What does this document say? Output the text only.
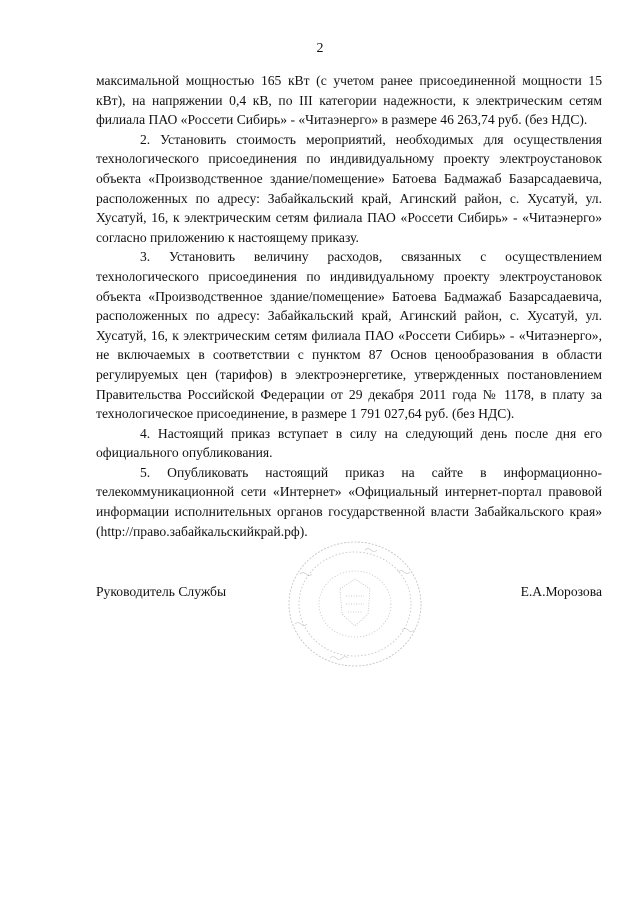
2

максимальной мощностью 165 кВт (с учетом ранее присоединенной мощности 15 кВт), на напряжении 0,4 кВ, по III категории надежности, к электрическим сетям филиала ПАО «Россети Сибирь» - «Читаэнерго» в размере 46 263,74 руб. (без НДС).

2. Установить стоимость мероприятий, необходимых для осуществления технологического присоединения по индивидуальному проекту электроустановок объекта «Производственное здание/помещение» Батоева Бадмажаб Базарсадаевича, расположенных по адресу: Забайкальский край, Агинский район, с. Хусатуй, ул. Хусатуй, 16, к электрическим сетям филиала ПАО «Россети Сибирь» - «Читаэнерго» согласно приложению к настоящему приказу.

3. Установить величину расходов, связанных с осуществлением технологического присоединения по индивидуальному проекту электроустановок объекта «Производственное здание/помещение» Батоева Бадмажаб Базарсадаевича, расположенных по адресу: Забайкальский край, Агинский район, с. Хусатуй, ул. Хусатуй, 16, к электрическим сетям филиала ПАО «Россети Сибирь» - «Читаэнерго», не включаемых в соответствии с пунктом 87 Основ ценообразования в области регулируемых цен (тарифов) в электроэнергетике, утвержденных постановлением Правительства Российской Федерации от 29 декабря 2011 года № 1178, в плату за технологическое присоединение, в размере 1 791 027,64 руб. (без НДС).

4. Настоящий приказ вступает в силу на следующий день после дня его официального опубликования.

5. Опубликовать настоящий приказ на сайте в информационно-телекоммуникационной сети «Интернет» «Официальный интернет-портал правовой информации исполнительных органов государственной власти Забайкальского края» (http://право.забайкальскийкрай.рф).

Руководитель Службы	Е.А.Морозова
